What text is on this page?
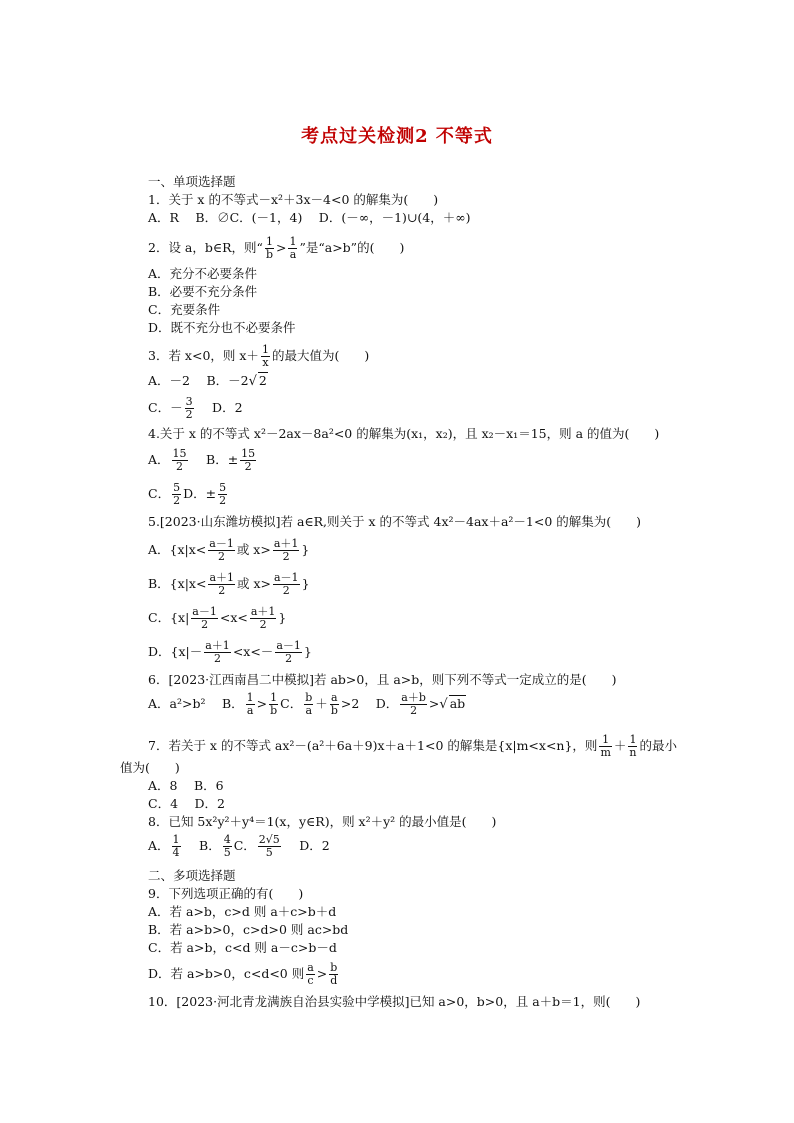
考点过关检测2 不等式
一、单项选择题
1．关于 x 的不等式－x²＋3x－4<0 的解集为(　　)
A．R　 B．∅C．(－1，4)　 D．(－∞，－1)∪(4，＋∞)
2．设 a，b∈R，则“ $\frac{1}{b} > \frac{1}{a}$ ”是“a>b”的(　　)
A．充分不必要条件
B．必要不充分条件
C．充要条件
D．既不充分也不必要条件
3．若 x<0，则 $x+ \frac{1}{x}$ 的最大值为(　　)
A．－2　 B．－2√ 2
C．－ $\frac{3}{2}$ 　 D．2
4.关于 x 的不等式 x²－2ax－8a²<0 的解集为(x₁，x₂)，且 x₂－x₁＝15，则 a 的值为(　　)
A． $\frac{15}{2}$ 　 B．± $\frac{15}{2}$
C． $\frac{5}{2}$ D．± $\frac{5}{2}$
5.[2023·山东潍坊模拟]若 a∈R,则关于 x 的不等式 4x²－4ax＋a²－1<0 的解集为(　　)
A．{$x|x< \frac{a-1}{2}$ 或 $x> \frac{a+1}{2}$ }
B．{$x|x< \frac{a+1}{2}$ 或 $x> \frac{a-1}{2}$ }
C．{$x| \frac{a-1}{2} <x< \frac{a+1}{2}$ }
D．{$x|- \frac{a+1}{2} <x<- \frac{a-1}{2}$ }
6．[2023·江西南昌二中模拟]若 ab>0，且 a>b，则下列不等式一定成立的是(　　)
A．a²>b²　 B． $\frac{1}{a} > \frac{1}{b}$ C． $\frac{b}{a} + \frac{a}{b} >2$　 D． $\frac{a+b}{2}$ >√ ab
7．若关于 x 的不等式 ax²－(a²＋6a＋9)x＋a＋1<0 的解集是{x|m<x<n}，则 $\frac{1}{m} + \frac{1}{n}$ 的最小
值为(　　)
A．8　 B．6
C．4　 D．2
8．已知 5x²y²＋y⁴＝1(x，y∈R)，则 x²＋y² 的最小值是(　　)
A． $\frac{1}{4}$ 　 B． $\frac{4}{5}$ C． $\frac{2√5}{5}$ 　 D．2
二、多项选择题
9．下列选项正确的有(　　)
A．若 a>b，c>d 则 a＋c>b＋d
B．若 a>b>0，c>d>0 则 ac>bd
C．若 a>b，c<d 则 a－c>b－d
D．若 a>b>0，c<d<0 则 $\frac{a}{c} > \frac{b}{d}$
10．[2023·河北青龙满族自治县实验中学模拟]已知 a>0，b>0，且 a＋b＝1，则(　　)
